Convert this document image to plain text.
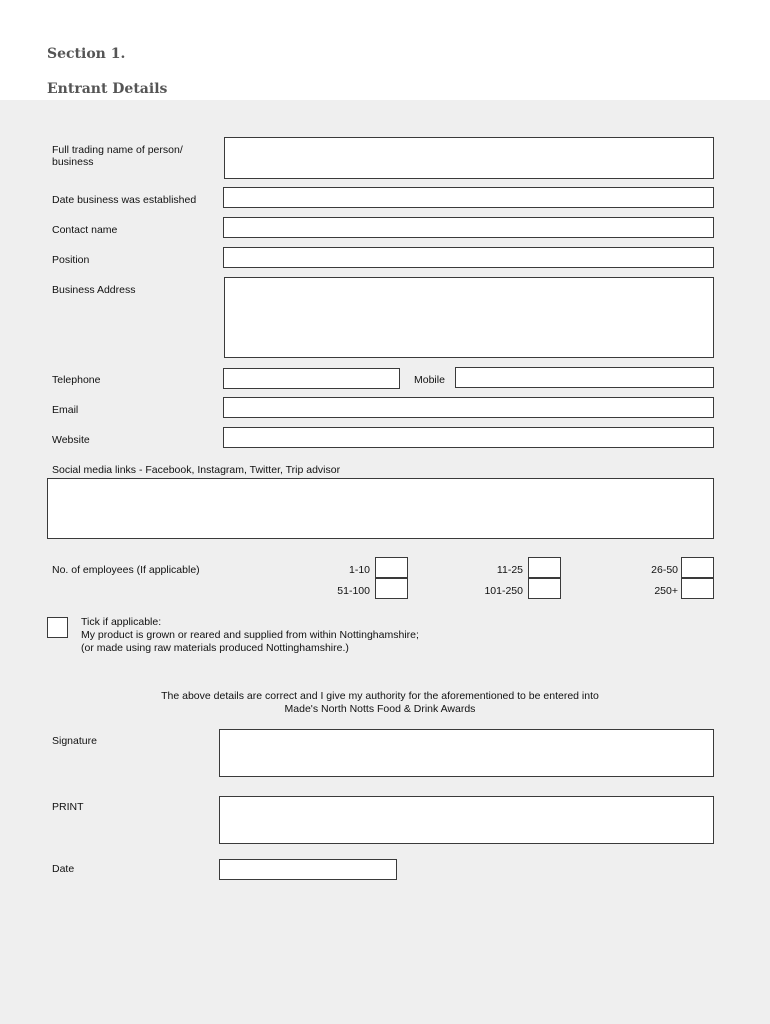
Section 1.
Entrant Details
Full trading name of person/
business
Date business was established
Contact name
Position
Business Address
Telephone	Mobile
Email
Website
Social media links - Facebook, Instagram, Twitter, Trip advisor
No. of employees (If applicable)	1-10	11-25	26-50
51-100	101-250	250+
Tick if applicable:
My product is grown or reared and supplied from within Nottinghamshire;
(or made using raw materials produced Nottinghamshire.)
The above details are correct and I give my authority for the aforementioned to be entered into
Made's North Notts Food & Drink Awards
Signature
PRINT
Date
